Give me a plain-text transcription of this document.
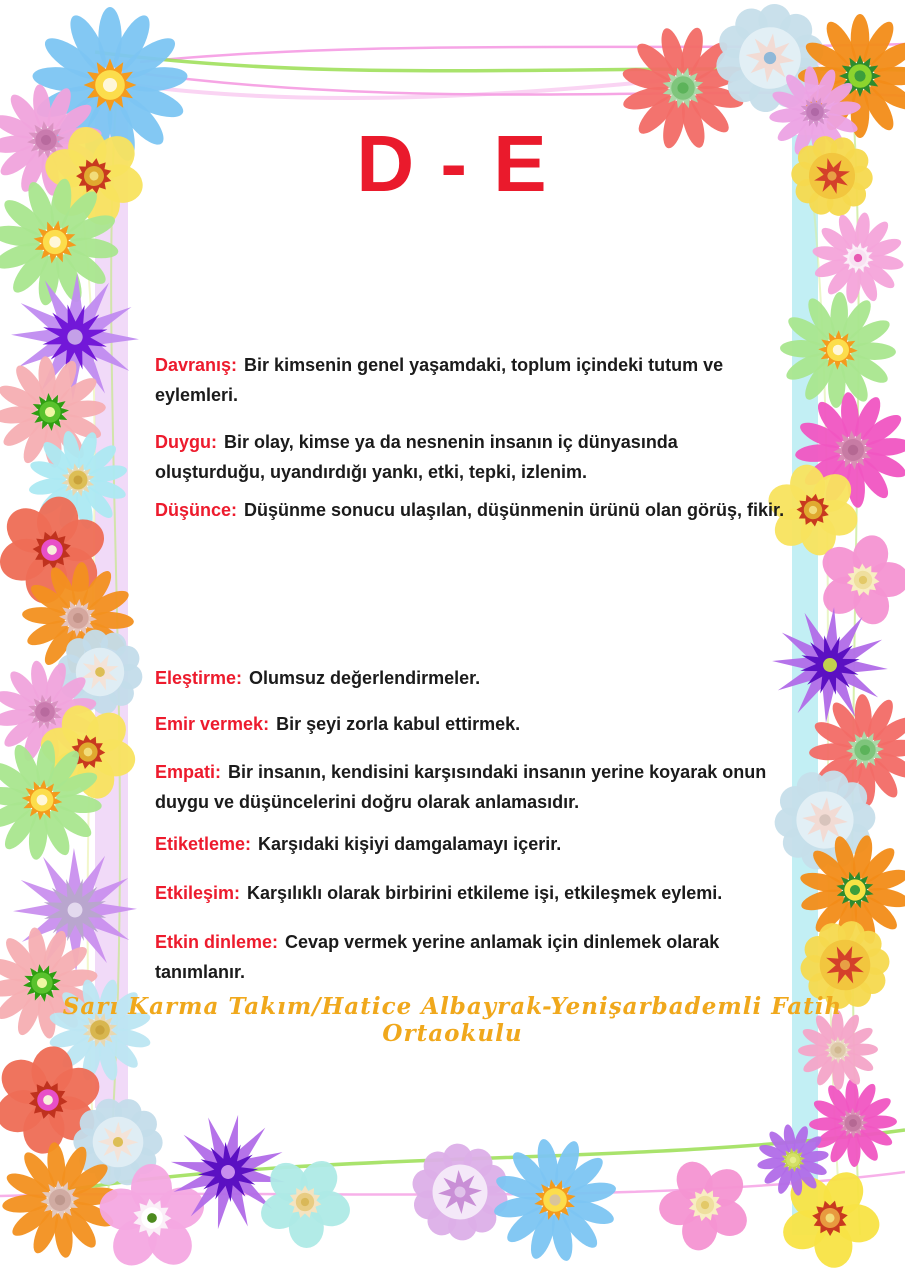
D - E
Davranış: Bir kimsenin genel yaşamdaki, toplum içindeki tutum ve
eylemleri.
Duygu: Bir olay, kimse ya da nesnenin insanın iç dünyasında
oluşturduğu, uyandırdığı yankı, etki, tepki, izlenim.
Düşünce: Düşünme sonucu ulaşılan, düşünmenin ürünü olan görüş, fikir.
Eleştirme: Olumsuz değerlendirmeler.
Emir vermek: Bir şeyi zorla kabul ettirmek.
Empati: Bir insanın, kendisini karşısındaki insanın yerine koyarak onun
duygu ve düşüncelerini doğru olarak anlamasıdır.
Etiketleme: Karşıdaki kişiyi damgalamayı içerir.
Etkileşim: Karşılıklı olarak birbirini etkileme işi, etkileşmek eylemi.
Etkin dinleme: Cevap vermek yerine anlamak için dinlemek olarak
tanımlanır.
Sarı Karma Takım/Hatice Albayrak-Yenişarbademli Fatih Ortaokulu
